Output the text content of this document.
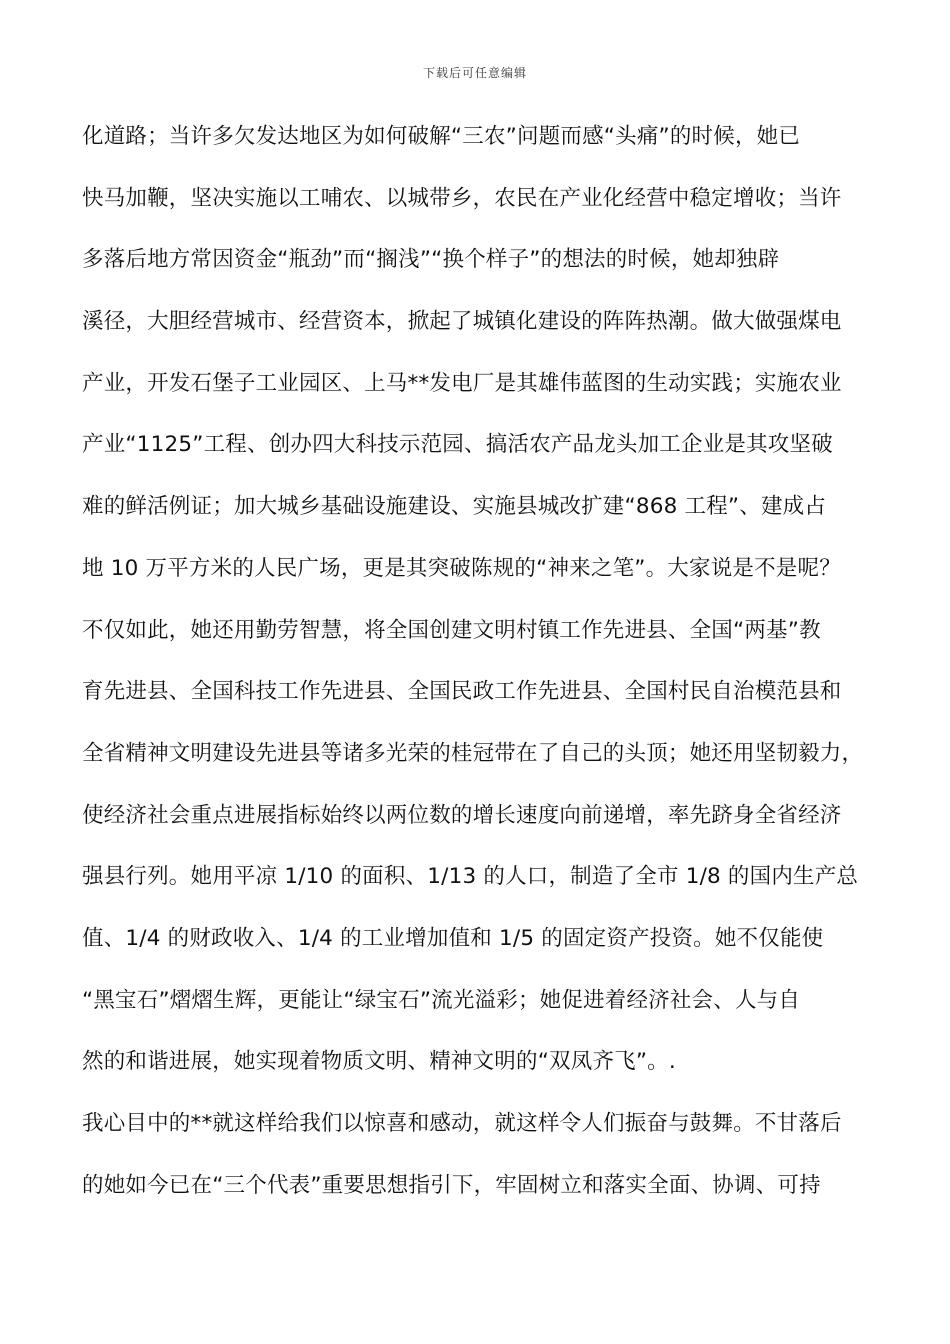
下载后可任意编辑
化道路；当许多欠发达地区为如何破解“三农”问题而感“头痛”的时候，她已
快马加鞭，坚决实施以工哺农、以城带乡，农民在产业化经营中稳定增收；当许
多落后地方常因资金“瓶劲”而“搁浅”“换个样子”的想法的时候，她却独辟
溪径，大胆经营城市、经营资本，掀起了城镇化建设的阵阵热潮。做大做强煤电
产业，开发石堡子工业园区、上马**发电厂是其雄伟蓝图的生动实践；实施农业
产业“1125”工程、创办四大科技示范园、搞活农产品龙头加工企业是其攻坚破
难的鲜活例证；加大城乡基础设施建设、实施县城改扩建“868 工程”、建成占
地 10 万平方米的人民广场，更是其突破陈规的“神来之笔”。大家说是不是呢？
不仅如此，她还用勤劳智慧，将全国创建文明村镇工作先进县、全国“两基”教
育先进县、全国科技工作先进县、全国民政工作先进县、全国村民自治模范县和
全省精神文明建设先进县等诸多光荣的桂冠带在了自己的头顶；她还用坚韧毅力，
使经济社会重点进展指标始终以两位数的增长速度向前递增，率先跻身全省经济
强县行列。她用平凉 1/10 的面积、1/13 的人口，制造了全市 1/8 的国内生产总
值、1/4 的财政收入、1/4 的工业增加值和 1/5 的固定资产投资。她不仅能使
“黑宝石”熠熠生辉，更能让“绿宝石”流光溢彩；她促进着经济社会、人与自
然的和谐进展，她实现着物质文明、精神文明的“双凤齐飞”。.
我心目中的**就这样给我们以惊喜和感动，就这样令人们振奋与鼓舞。不甘落后
的她如今已在“三个代表”重要思想指引下，牢固树立和落实全面、协调、可持
